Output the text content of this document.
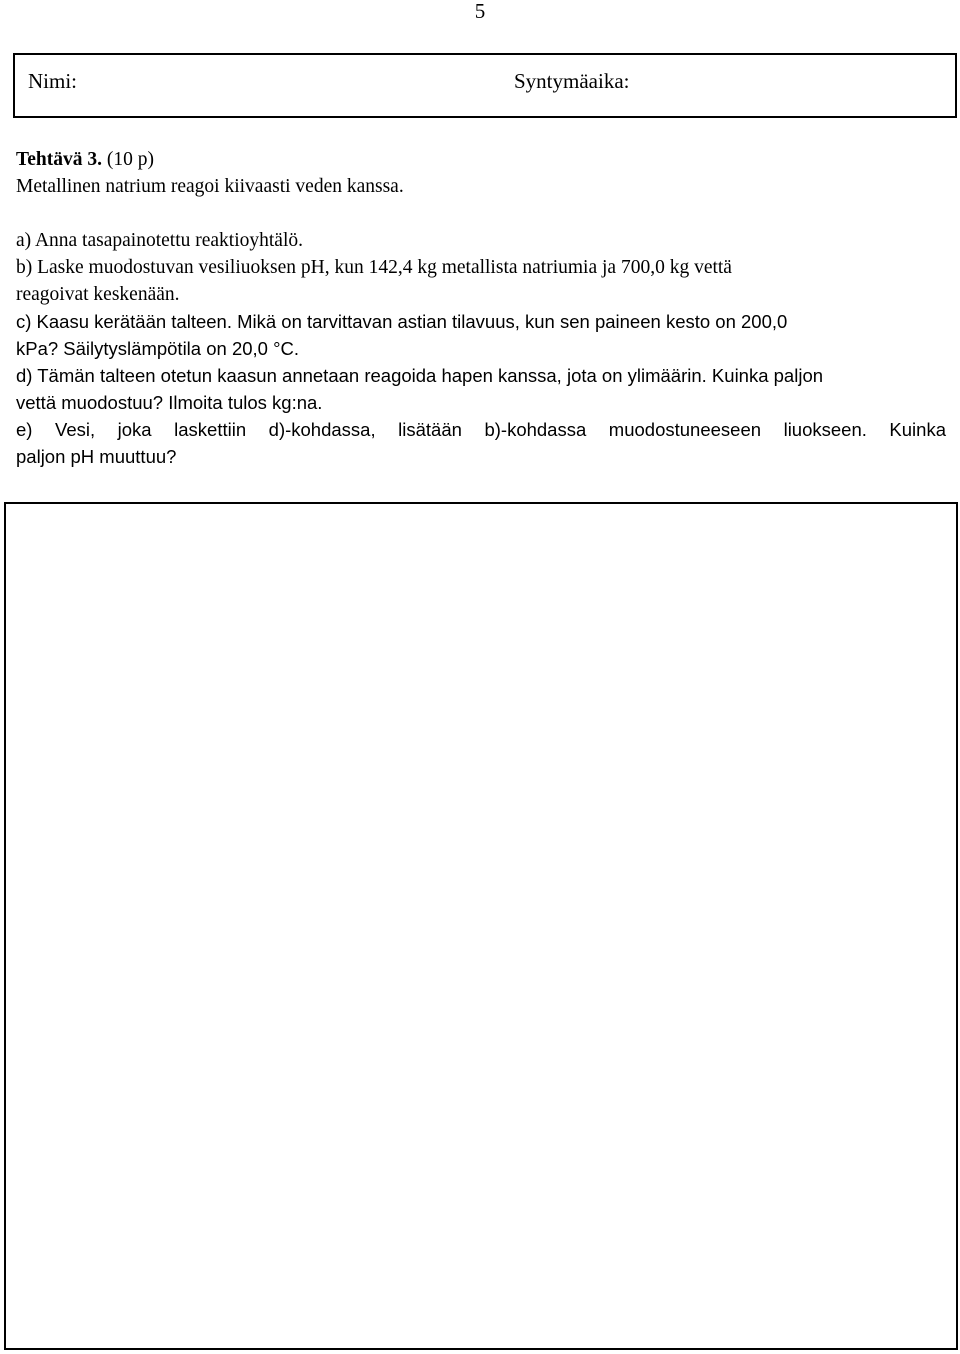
5
Nimi:	Syntymäaika:

Tehtävä 3. (10 p)

Metallinen natrium reagoi kiivaasti veden kanssa.

a) Anna tasapainotettu reaktioyhtälö.

b) Laske muodostuvan vesiliuoksen pH, kun 142,4 kg metallista natriumia ja 700,0 kg vettä

reagoivat keskenään.

c) Kaasu kerätään talteen. Mikä on tarvittavan astian tilavuus, kun sen paineen kesto on 200,0

kPa? Säilytyslämpötila on 20,0 °C.

d) Tämän talteen otetun kaasun annetaan reagoida hapen kanssa, jota on ylimäärin. Kuinka paljon

vettä muodostuu? Ilmoita tulos kg:na.

e) Vesi, joka laskettiin d)-kohdassa, lisätään b)-kohdassa muodostuneeseen liuokseen. Kuinka

paljon pH muuttuu?
